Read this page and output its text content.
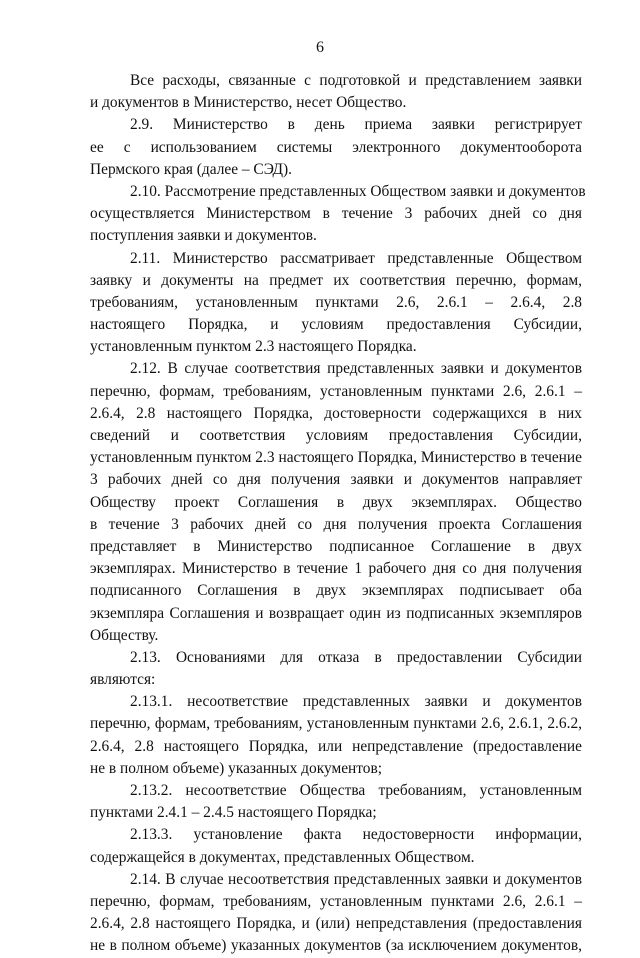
6
Все расходы, связанные с подготовкой и представлением заявки
и документов в Министерство, несет Общество.
2.9. Министерство в день приема заявки регистрирует
ее с использованием системы электронного документооборота
Пермского края (далее – СЭД).
2.10. Рассмотрение представленных Обществом заявки и документов
осуществляется Министерством в течение 3 рабочих дней со дня
поступления заявки и документов.
2.11. Министерство рассматривает представленные Обществом
заявку и документы на предмет их соответствия перечню, формам,
требованиям, установленным пунктами 2.6, 2.6.1 – 2.6.4, 2.8
настоящего Порядка, и условиям предоставления Субсидии,
установленным пунктом 2.3 настоящего Порядка.
2.12. В случае соответствия представленных заявки и документов
перечню, формам, требованиям, установленным пунктами 2.6, 2.6.1 –
2.6.4, 2.8 настоящего Порядка, достоверности содержащихся в них
сведений и соответствия условиям предоставления Субсидии,
установленным пунктом 2.3 настоящего Порядка, Министерство в течение
3 рабочих дней со дня получения заявки и документов направляет
Обществу проект Соглашения в двух экземплярах. Общество
в течение 3 рабочих дней со дня получения проекта Соглашения
представляет в Министерство подписанное Соглашение в двух
экземплярах. Министерство в течение 1 рабочего дня со дня получения
подписанного Соглашения в двух экземплярах подписывает оба
экземпляра Соглашения и возвращает один из подписанных экземпляров
Обществу.
2.13. Основаниями для отказа в предоставлении Субсидии
являются:
2.13.1. несоответствие представленных заявки и документов
перечню, формам, требованиям, установленным пунктами 2.6, 2.6.1, 2.6.2,
2.6.4, 2.8 настоящего Порядка, или непредставление (предоставление
не в полном объеме) указанных документов;
2.13.2. несоответствие Общества требованиям, установленным
пунктами 2.4.1 – 2.4.5 настоящего Порядка;
2.13.3. установление факта недостоверности информации,
содержащейся в документах, представленных Обществом.
2.14. В случае несоответствия представленных заявки и документов
перечню, формам, требованиям, установленным пунктами 2.6, 2.6.1 –
2.6.4, 2.8 настоящего Порядка, и (или) непредставления (предоставления
не в полном объеме) указанных документов (за исключением документов,
